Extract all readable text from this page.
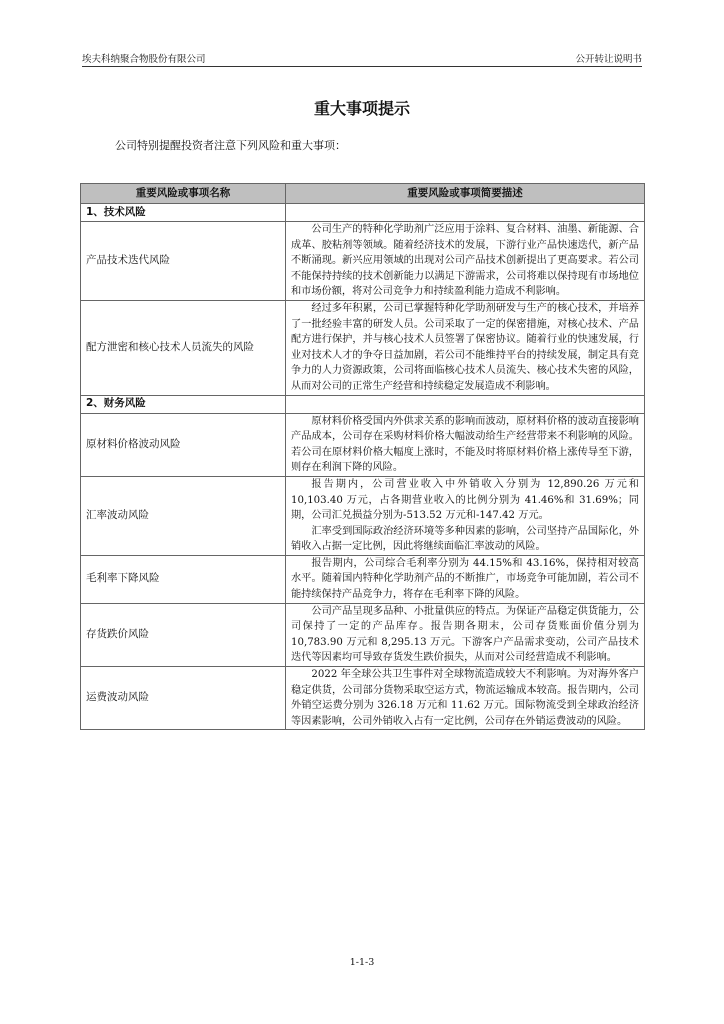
埃夫科纳聚合物股份有限公司	公开转让说明书
重大事项提示
公司特别提醒投资者注意下列风险和重大事项：
重要风险或事项名称	重要风险或事项简要描述
1、技术风险	
产品技术迭代风险	公司生产的特种化学助剂广泛应用于涂料、复合材料、油墨、新能源、合成革、胶粘剂等领域。随着经济技术的发展，下游行业产品快速迭代，新产品不断涌现。新兴应用领域的出现对公司产品技术创新提出了更高要求。若公司不能保持持续的技术创新能力以满足下游需求，公司将难以保持现有市场地位和市场份额，将对公司竞争力和持续盈利能力造成不利影响。

配方泄密和核心技术人员流失的风险	经过多年积累，公司已掌握特种化学助剂研发与生产的核心技术，并培养了一批经验丰富的研发人员。公司采取了一定的保密措施，对核心技术、产品配方进行保护，并与核心技术人员签署了保密协议。随着行业的快速发展，行业对技术人才的争夺日益加剧，若公司不能维持平台的持续发展，制定具有竞争力的人力资源政策，公司将面临核心技术人员流失、核心技术失密的风险，从而对公司的正常生产经营和持续稳定发展造成不利影响。

2、财务风险	
原材料价格波动风险	原材料价格受国内外供求关系的影响而波动，原材料价格的波动直接影响产品成本，公司存在采购材料价格大幅波动给生产经营带来不利影响的风险。若公司在原材料价格大幅度上涨时，不能及时将原材料价格上涨传导至下游，则存在利润下降的风险。

汇率波动风险	报告期内，公司营业收入中外销收入分别为 12,890.26 万元和 10,103.40 万元，占各期营业收入的比例分别为 41.46%和 31.69%；同期，公司汇兑损益分别为-513.52 万元和-147.42 万元。

汇率受到国际政治经济环境等多种因素的影响，公司坚持产品国际化，外销收入占据一定比例，因此将继续面临汇率波动的风险。

毛利率下降风险	报告期内，公司综合毛利率分别为 44.15%和 43.16%，保持相对较高水平。随着国内特种化学助剂产品的不断推广，市场竞争可能加剧，若公司不能持续保持产品竞争力，将存在毛利率下降的风险。

存货跌价风险	公司产品呈现多品种、小批量供应的特点。为保证产品稳定供货能力，公司保持了一定的产品库存。报告期各期末，公司存货账面价值分别为 10,783.90 万元和 8,295.13 万元。下游客户产品需求变动，公司产品技术迭代等因素均可导致存货发生跌价损失，从而对公司经营造成不利影响。

运费波动风险	2022 年全球公共卫生事件对全球物流造成较大不利影响。为对海外客户稳定供货，公司部分货物采取空运方式，物流运输成本较高。报告期内，公司外销空运费分别为 326.18 万元和 11.62 万元。国际物流受到全球政治经济等因素影响，公司外销收入占有一定比例，公司存在外销运费波动的风险。

1-1-3
